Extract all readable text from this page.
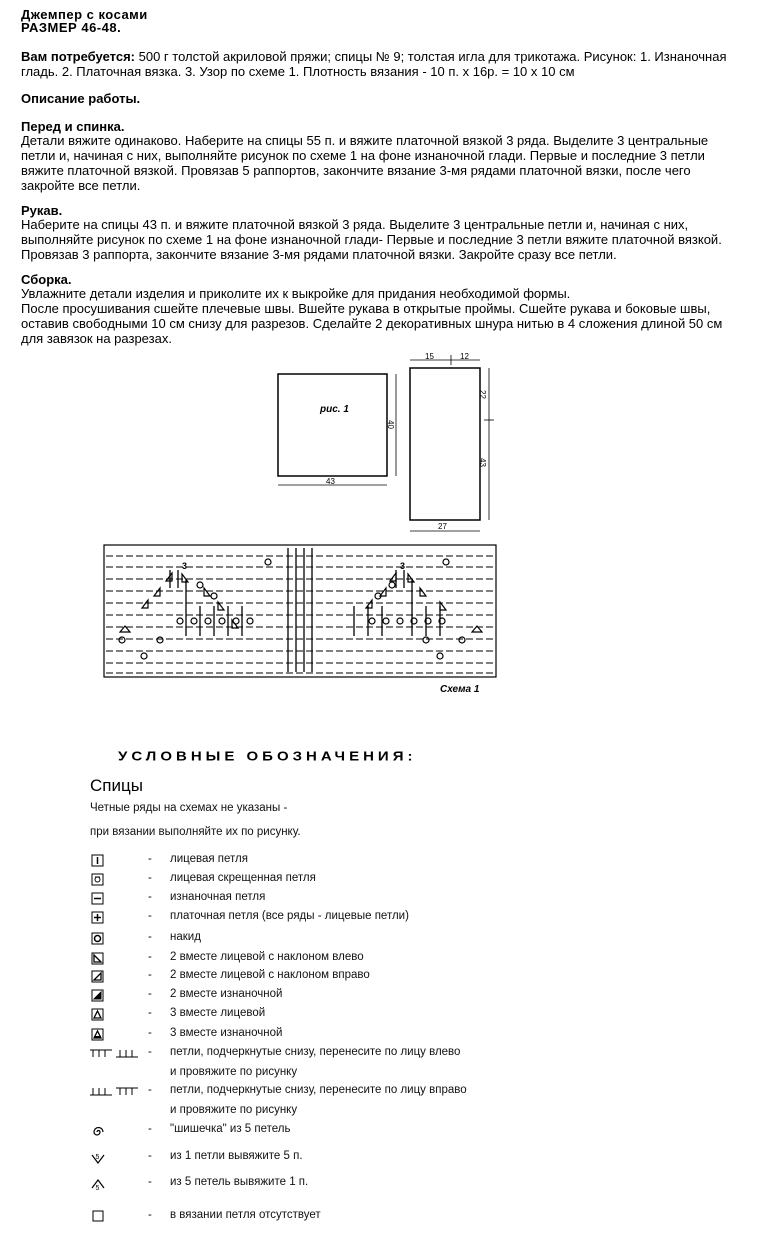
Джемпер с косами
РАЗМЕР 46-48.
Вам потребуется: 500 г толстой акриловой пряжи; спицы № 9; толстая игла для трикотажа. Рисунок: 1. Изнаночная гладь. 2. Платочная вязка. 3. Узор по схеме 1. Плотность вязания - 10 п. х 16р. = 10 х 10 см
Описание работы.
Перед и спинка.
Детали вяжите одинаково. Наберите на спицы 55 п. и вяжите платочной вязкой 3 ряда. Выделите 3 центральные петли и, начиная с них, выполняйте рисунок по схеме 1 на фоне изнаночной глади. Первые и последние 3 петли вяжите платочной вязкой. Провязав 5 раппортов, закончите вязание 3-мя рядами платочной вязки, после чего закройте все петли.
Рукав.
Наберите на спицы 43 п. и вяжите платочной вязкой 3 ряда. Выделите 3 центральные петли и, начиная с них, выполняйте рисунок по схеме 1 на фоне изнаночной глади- Первые и последние 3 петли вяжите платочной вязкой. Провязав 3 раппорта, закончите вязание 3-мя рядами платочной вязки. Закройте сразу все петли.
Сборка.
Увлажните детали изделия и приколите их к выкройке для придания необходимой формы.
После просушивания сшейте плечевые швы. Вшейте рукава в открытые проймы. Сшейте рукава и боковые швы, оставив свободными 10 см снизу для разрезов. Сделайте 2 декоративных шнура нитью в 4 сложения длиной 50 см для завязок на разрезах.
рис. 1
40
43
15	12
22
43
27
3	3
Схема 1
УСЛОВНЫЕ ОБОЗНАЧЕНИЯ:
Спицы
Четные ряды на схемах не указаны -
при вязании выполняйте их по рисунку.
- лицевая петля
- лицевая скрещенная петля
- изнаночная петля
- платочная петля (все ряды - лицевые петли)
- накид
- 2 вместе лицевой с наклоном влево
- 2 вместе лицевой с наклоном вправо
- 2 вместе изнаночной
- 3 вместе лицевой
- 3 вместе изнаночной
- петли, подчеркнутые снизу, перенесите по лицу влево
и провяжите по рисунку
- петли, подчеркнутые снизу, перенесите по лицу вправо
и провяжите по рисунку
- "шишечка" из 5 петель
5	- из 1 петли вывяжите 5 п.
5
- из 5 петель вывяжите 1 п.
- в вязании петля отсутствует
